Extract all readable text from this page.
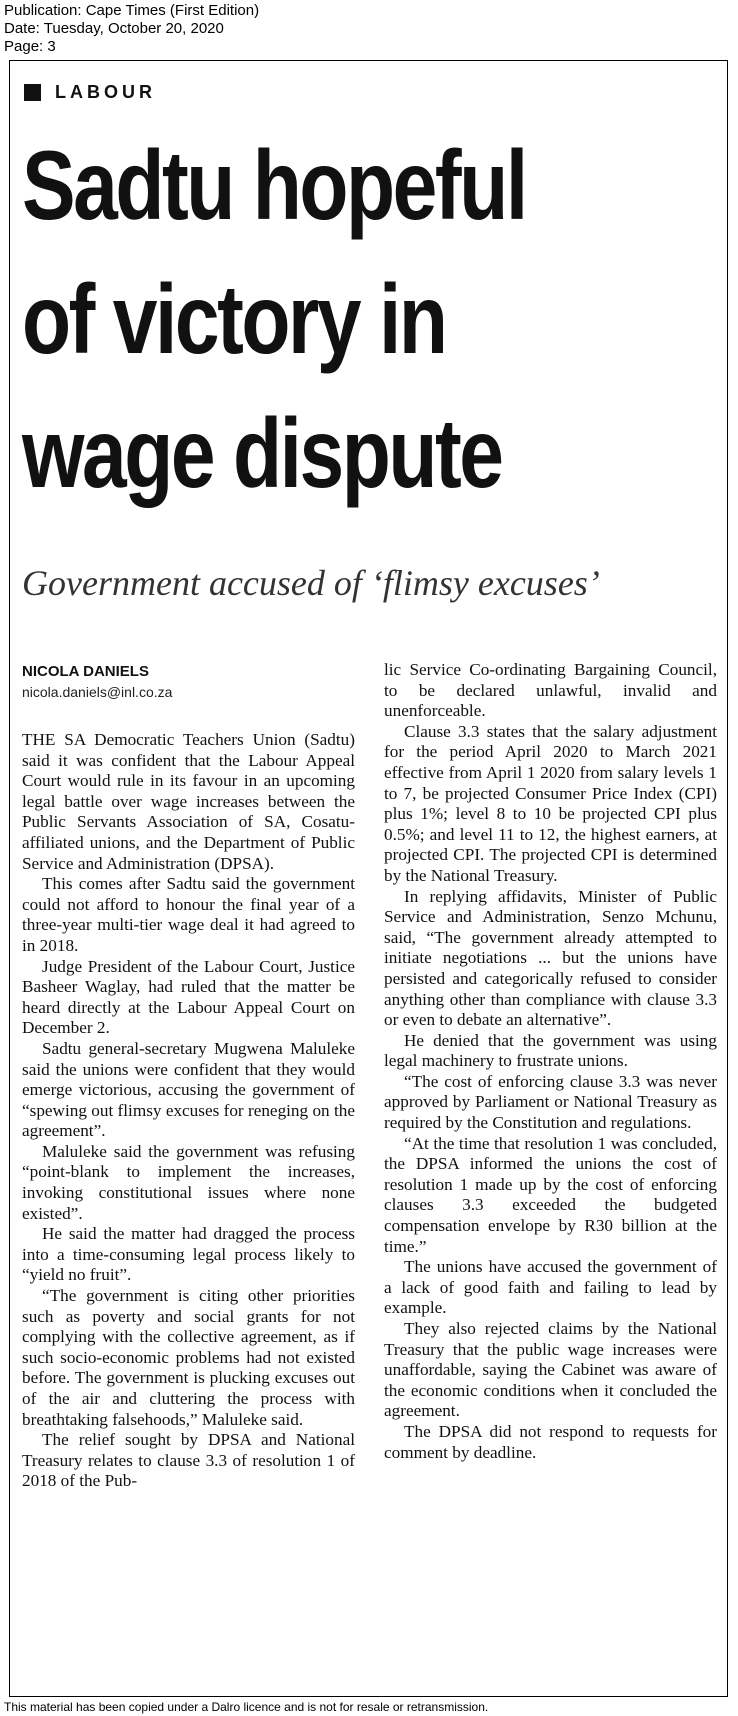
Publication: Cape Times (First Edition)
Date: Tuesday, October 20, 2020
Page: 3
LABOUR
Sadtu hopeful
of victory in
wage dispute
Government accused of ‘flimsy excuses’
NICOLA DANIELS
nicola.daniels@inl.co.za

THE SA Democratic Teachers Union (Sadtu) said it was confident that the Labour Appeal Court would rule in its favour in an upcoming legal battle over wage increases between the Public Servants Association of SA, Cosatu-affiliated unions, and the Department of Public Service and Administration (DPSA).

This comes after Sadtu said the government could not afford to honour the final year of a three-year multi-tier wage deal it had agreed to in 2018.

Judge President of the Labour Court, Justice Basheer Waglay, had ruled that the matter be heard directly at the Labour Appeal Court on December 2.

Sadtu general-secretary Mugwena Maluleke said the unions were confident that they would emerge victorious, accusing the government of “spewing out flimsy excuses for reneging on the agreement”.

Maluleke said the government was refusing “point-blank to implement the increases, invoking constitutional issues where none existed”.

He said the matter had dragged the process into a time-consuming legal process likely to “yield no fruit”.

“The government is citing other priorities such as poverty and social grants for not complying with the collective agreement, as if such socio-economic problems had not existed before. The government is plucking excuses out of the air and cluttering the process with breathtaking falsehoods,” Maluleke said.

The relief sought by DPSA and National Treasury relates to clause 3.3 of resolution 1 of 2018 of the Pub-

lic Service Co-ordinating Bargaining Council, to be declared unlawful, invalid and unenforceable.

Clause 3.3 states that the salary adjustment for the period April 2020 to March 2021 effective from April 1 2020 from salary levels 1 to 7, be projected Consumer Price Index (CPI) plus 1%; level 8 to 10 be projected CPI plus 0.5%; and level 11 to 12, the highest earners, at projected CPI. The projected CPI is determined by the National Treasury.

In replying affidavits, Minister of Public Service and Administration, Senzo Mchunu, said, “The government already attempted to initiate negotiations ... but the unions have persisted and categorically refused to consider anything other than compliance with clause 3.3 or even to debate an alternative”.

He denied that the government was using legal machinery to frustrate unions.

“The cost of enforcing clause 3.3 was never approved by Parliament or National Treasury as required by the Constitution and regulations.

“At the time that resolution 1 was concluded, the DPSA informed the unions the cost of resolution 1 made up by the cost of enforcing clauses 3.3 exceeded the budgeted compensation envelope by R30 billion at the time.”

The unions have accused the government of a lack of good faith and failing to lead by example.

They also rejected claims by the National Treasury that the public wage increases were unaffordable, saying the Cabinet was aware of the economic conditions when it concluded the agreement.

The DPSA did not respond to requests for comment by deadline.

This material has been copied under a Dalro licence and is not for resale or retransmission.
